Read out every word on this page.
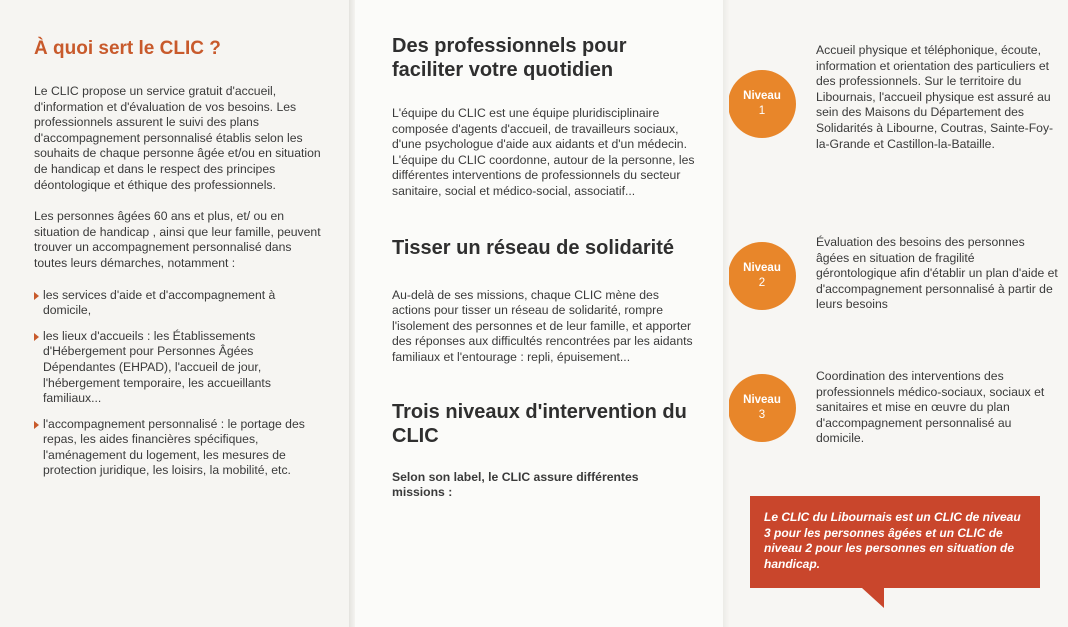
À quoi sert le CLIC ?

Le CLIC propose un service gratuit d'accueil, d'information et d'évaluation de vos besoins. Les professionnels assurent le suivi des plans d'accompagnement personnalisé établis selon les souhaits de chaque personne âgée et/ou en situation de handicap et dans le respect des principes déontologique et éthique des professionnels.

Les personnes âgées 60 ans et plus, et/ ou en situation de handicap , ainsi que leur famille, peuvent trouver un accompagnement personnalisé dans toutes leurs démarches, notamment :

les services d'aide et d'accompagnement à domicile,
les lieux d'accueils : les Établissements d'Hébergement pour Personnes Âgées Dépendantes (EHPAD), l'accueil de jour, l'hébergement temporaire, les accueillants familiaux...
l'accompagnement personnalisé : le portage des repas, les aides financières spécifiques, l'aménagement du logement, les mesures de protection juridique, les loisirs, la mobilité, etc.
Des professionnels pour faciliter votre quotidien

L'équipe du CLIC est une équipe pluridisciplinaire composée d'agents d'accueil, de travailleurs sociaux, d'une psychologue d'aide aux aidants et d'un médecin. L'équipe du CLIC coordonne, autour de la personne, les différentes interventions de professionnels du secteur sanitaire, social et médico-social, associatif...

Tisser un réseau de solidarité

Au-delà de ses missions, chaque CLIC mène des actions pour tisser un réseau de solidarité, rompre l'isolement des personnes et de leur famille, et apporter des réponses aux difficultés rencontrées par les aidants familiaux et l'entourage : repli, épuisement...

Trois niveaux d'intervention du CLIC

Selon son label, le CLIC assure différentes missions :

Niveau
1

Accueil physique et téléphonique, écoute, information et orientation des particuliers et des professionnels. Sur le territoire du Libournais, l'accueil physique est assuré au sein des Maisons du Département des Solidarités à Libourne, Coutras, Sainte-Foy-la-Grande et Castillon-la-Bataille.

Niveau
2

Évaluation des besoins des personnes âgées en situation de fragilité gérontologique afin d'établir un plan d'aide et d'accompagnement personnalisé à partir de leurs besoins

Niveau
3

Coordination des interventions des professionnels médico-sociaux, sociaux et sanitaires et mise en œuvre du plan d'accompagnement personnalisé au domicile.

Le CLIC du Libournais est un CLIC de niveau 3 pour les personnes âgées et un CLIC de niveau 2 pour les personnes en situation de handicap.
